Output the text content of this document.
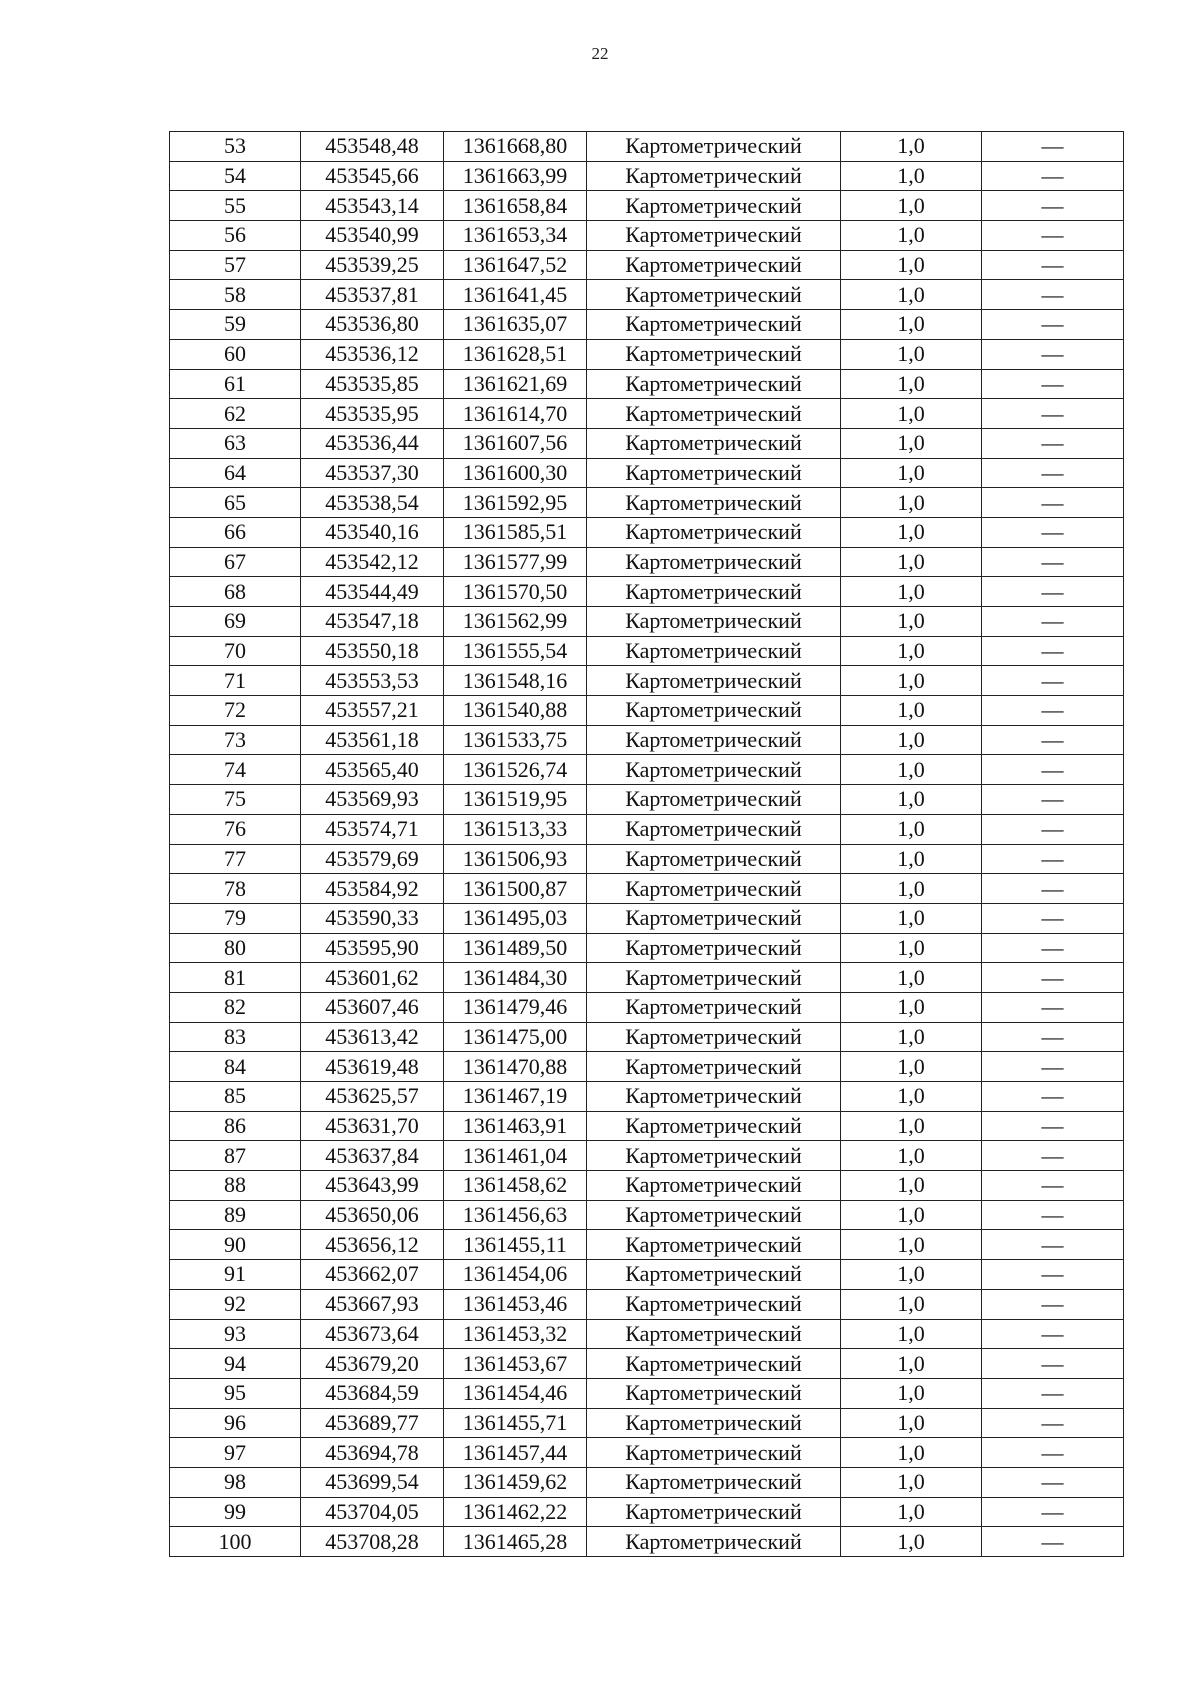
22
53	453548,48	1361668,80	Картометрический	1,0	—
54	453545,66	1361663,99	Картометрический	1,0	—
55	453543,14	1361658,84	Картометрический	1,0	—
56	453540,99	1361653,34	Картометрический	1,0	—
57	453539,25	1361647,52	Картометрический	1,0	—
58	453537,81	1361641,45	Картометрический	1,0	—
59	453536,80	1361635,07	Картометрический	1,0	—
60	453536,12	1361628,51	Картометрический	1,0	—
61	453535,85	1361621,69	Картометрический	1,0	—
62	453535,95	1361614,70	Картометрический	1,0	—
63	453536,44	1361607,56	Картометрический	1,0	—
64	453537,30	1361600,30	Картометрический	1,0	—
65	453538,54	1361592,95	Картометрический	1,0	—
66	453540,16	1361585,51	Картометрический	1,0	—
67	453542,12	1361577,99	Картометрический	1,0	—
68	453544,49	1361570,50	Картометрический	1,0	—
69	453547,18	1361562,99	Картометрический	1,0	—
70	453550,18	1361555,54	Картометрический	1,0	—
71	453553,53	1361548,16	Картометрический	1,0	—
72	453557,21	1361540,88	Картометрический	1,0	—
73	453561,18	1361533,75	Картометрический	1,0	—
74	453565,40	1361526,74	Картометрический	1,0	—
75	453569,93	1361519,95	Картометрический	1,0	—
76	453574,71	1361513,33	Картометрический	1,0	—
77	453579,69	1361506,93	Картометрический	1,0	—
78	453584,92	1361500,87	Картометрический	1,0	—
79	453590,33	1361495,03	Картометрический	1,0	—
80	453595,90	1361489,50	Картометрический	1,0	—
81	453601,62	1361484,30	Картометрический	1,0	—
82	453607,46	1361479,46	Картометрический	1,0	—
83	453613,42	1361475,00	Картометрический	1,0	—
84	453619,48	1361470,88	Картометрический	1,0	—
85	453625,57	1361467,19	Картометрический	1,0	—
86	453631,70	1361463,91	Картометрический	1,0	—
87	453637,84	1361461,04	Картометрический	1,0	—
88	453643,99	1361458,62	Картометрический	1,0	—
89	453650,06	1361456,63	Картометрический	1,0	—
90	453656,12	1361455,11	Картометрический	1,0	—
91	453662,07	1361454,06	Картометрический	1,0	—
92	453667,93	1361453,46	Картометрический	1,0	—
93	453673,64	1361453,32	Картометрический	1,0	—
94	453679,20	1361453,67	Картометрический	1,0	—
95	453684,59	1361454,46	Картометрический	1,0	—
96	453689,77	1361455,71	Картометрический	1,0	—
97	453694,78	1361457,44	Картометрический	1,0	—
98	453699,54	1361459,62	Картометрический	1,0	—
99	453704,05	1361462,22	Картометрический	1,0	—
100	453708,28	1361465,28	Картометрический	1,0	—
